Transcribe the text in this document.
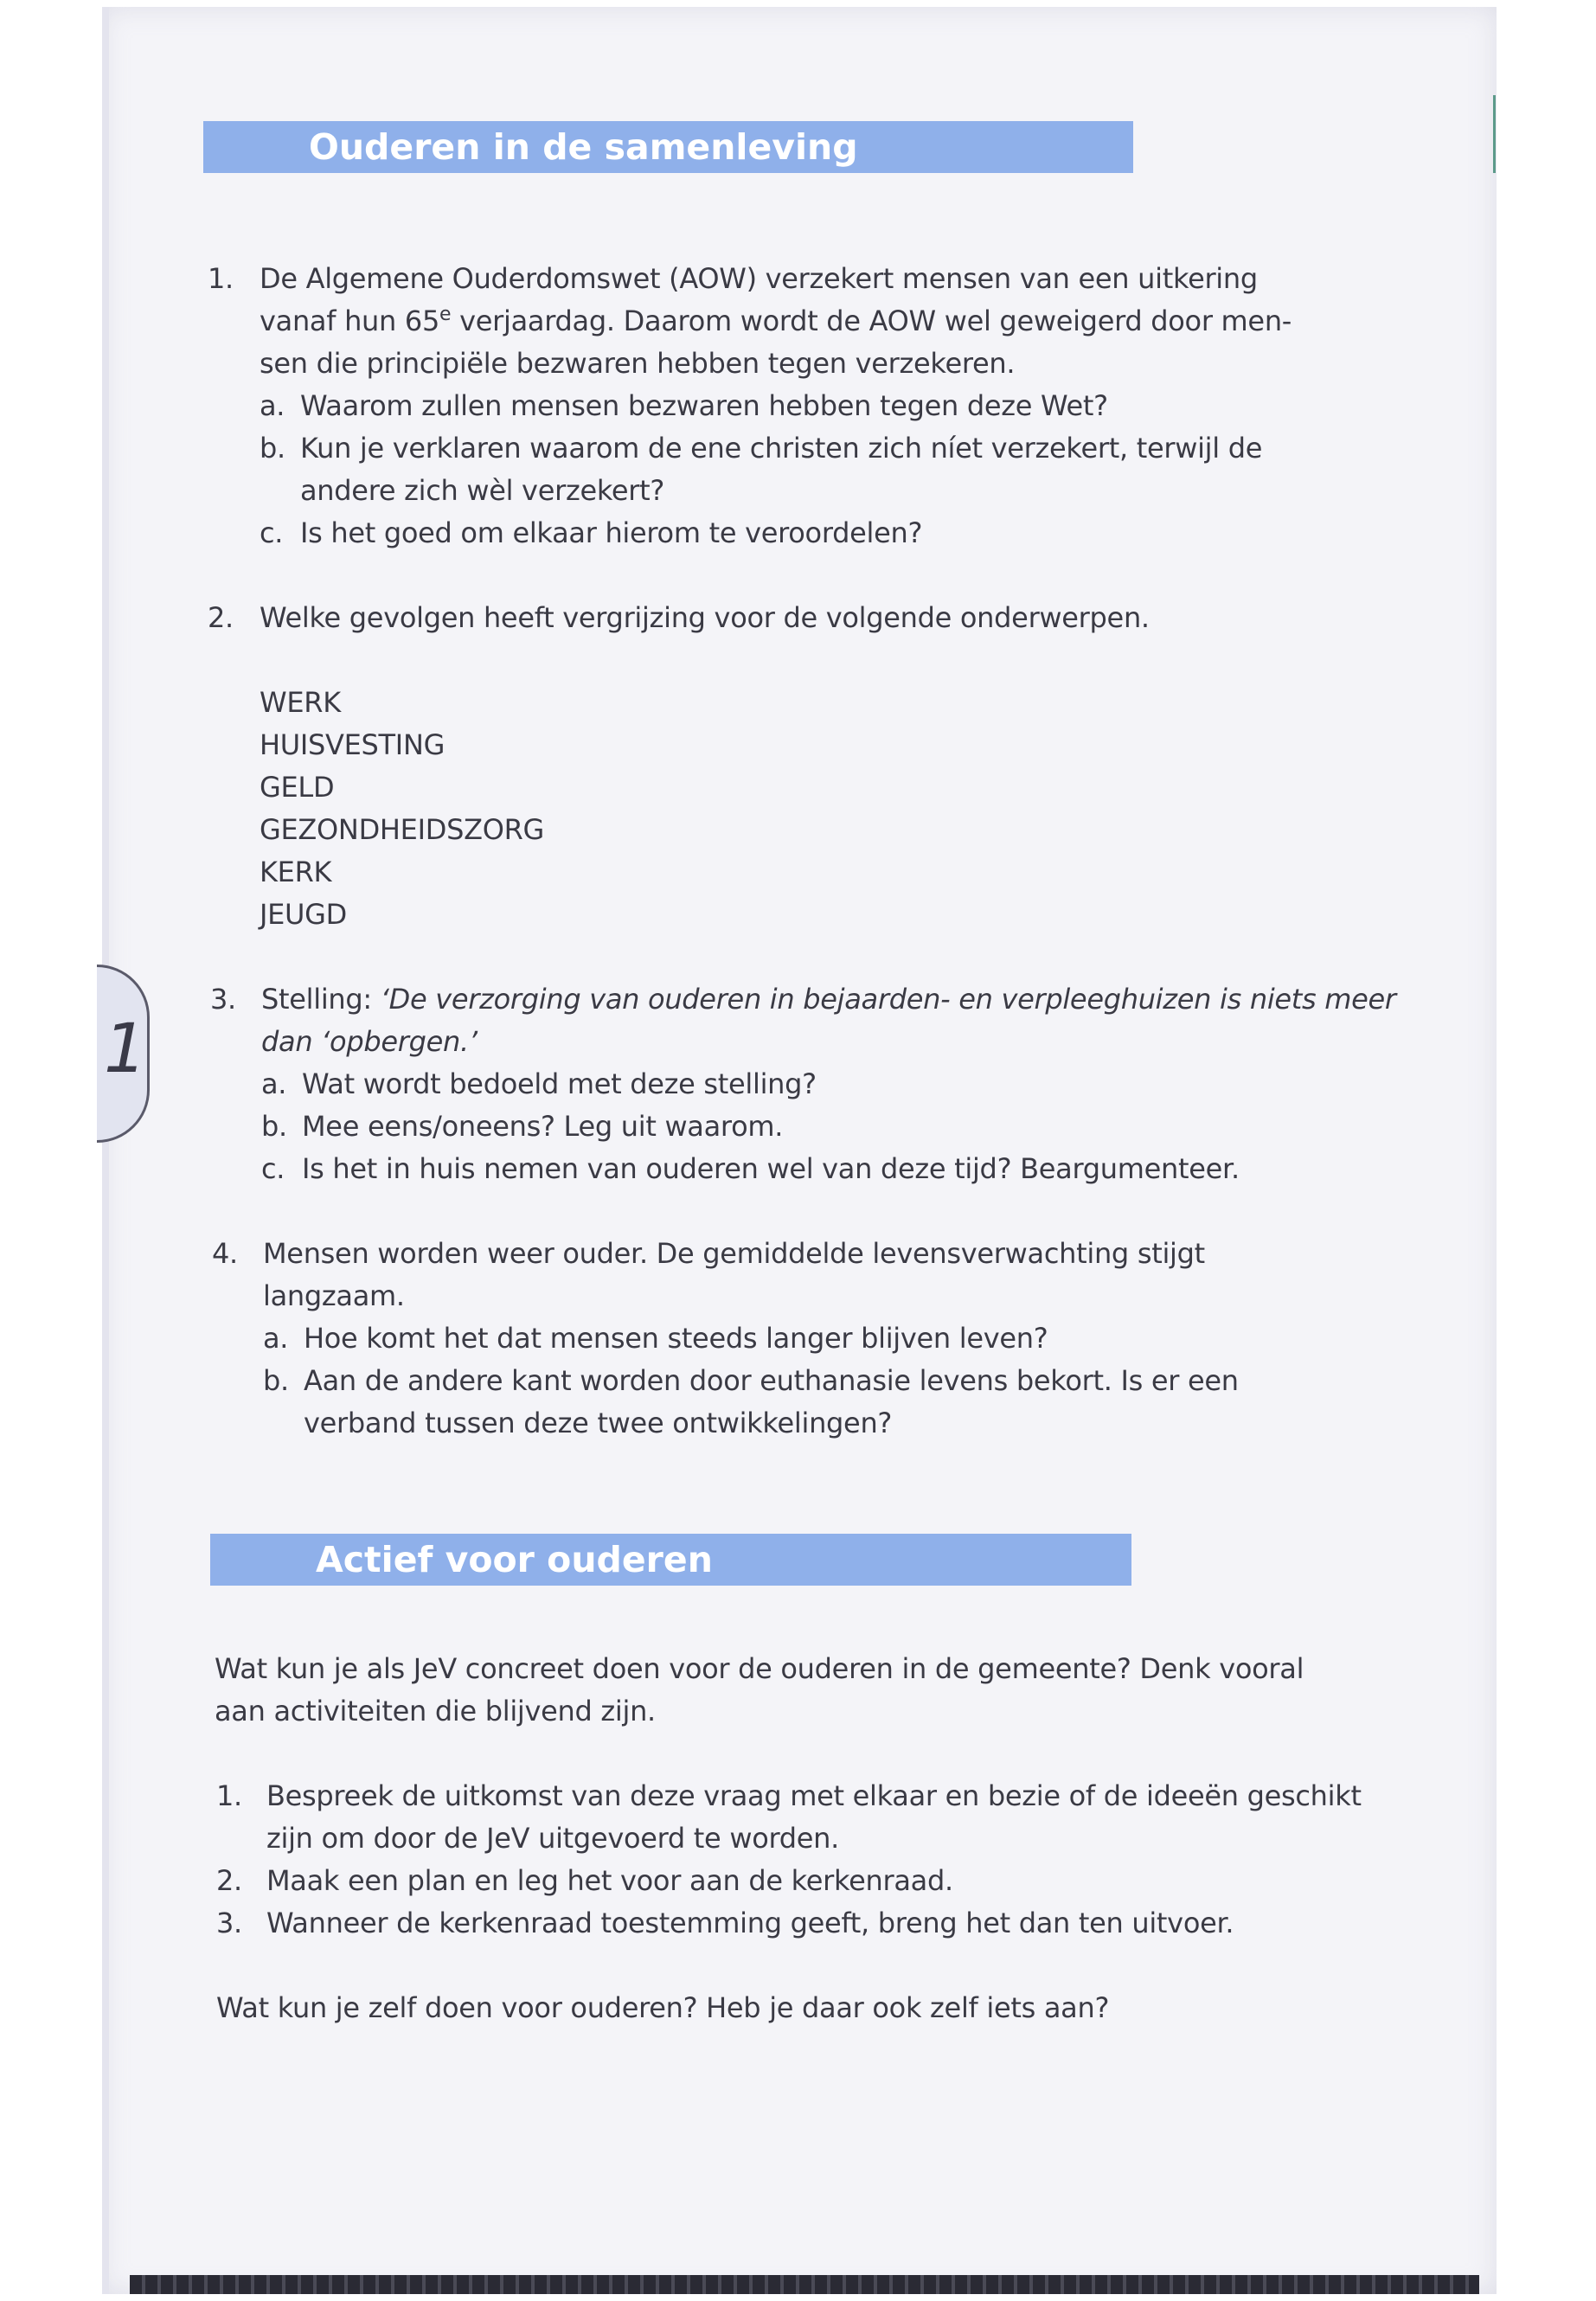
1
Ouderen in de samenleving
1. De Algemene Ouderdomswet (AOW) verzekert mensen van een uitkering
vanaf hun 65e verjaardag. Daarom wordt de AOW wel geweigerd door men-
sen die principiële bezwaren hebben tegen verzekeren.
a. Waarom zullen mensen bezwaren hebben tegen deze Wet?
b. Kun je verklaren waarom de ene christen zich níet verzekert, terwijl de
andere zich wèl verzekert?
c. Is het goed om elkaar hierom te veroordelen?
2. Welke gevolgen heeft vergrijzing voor de volgende onderwerpen.
WERK
HUISVESTING
GELD
GEZONDHEIDSZORG
KERK
JEUGD
3. Stelling: ‘De verzorging van ouderen in bejaarden- en verpleeghuizen is niets meer
dan ‘opbergen.’
a. Wat wordt bedoeld met deze stelling?
b. Mee eens/oneens? Leg uit waarom.
c. Is het in huis nemen van ouderen wel van deze tijd? Beargumenteer.
4. Mensen worden weer ouder. De gemiddelde levensverwachting stijgt
langzaam.
a. Hoe komt het dat mensen steeds langer blijven leven?
b. Aan de andere kant worden door euthanasie levens bekort. Is er een
verband tussen deze twee ontwikkelingen?
Wat kun je als JeV concreet doen voor de ouderen in de gemeente? Denk vooral
aan activiteiten die blijvend zijn.
1. Bespreek de uitkomst van deze vraag met elkaar en bezie of de ideeën geschikt
zijn om door de JeV uitgevoerd te worden.
2. Maak een plan en leg het voor aan de kerkenraad.
3. Wanneer de kerkenraad toestemming geeft, breng het dan ten uitvoer.
Wat kun je zelf doen voor ouderen? Heb je daar ook zelf iets aan?
Actief voor ouderen
